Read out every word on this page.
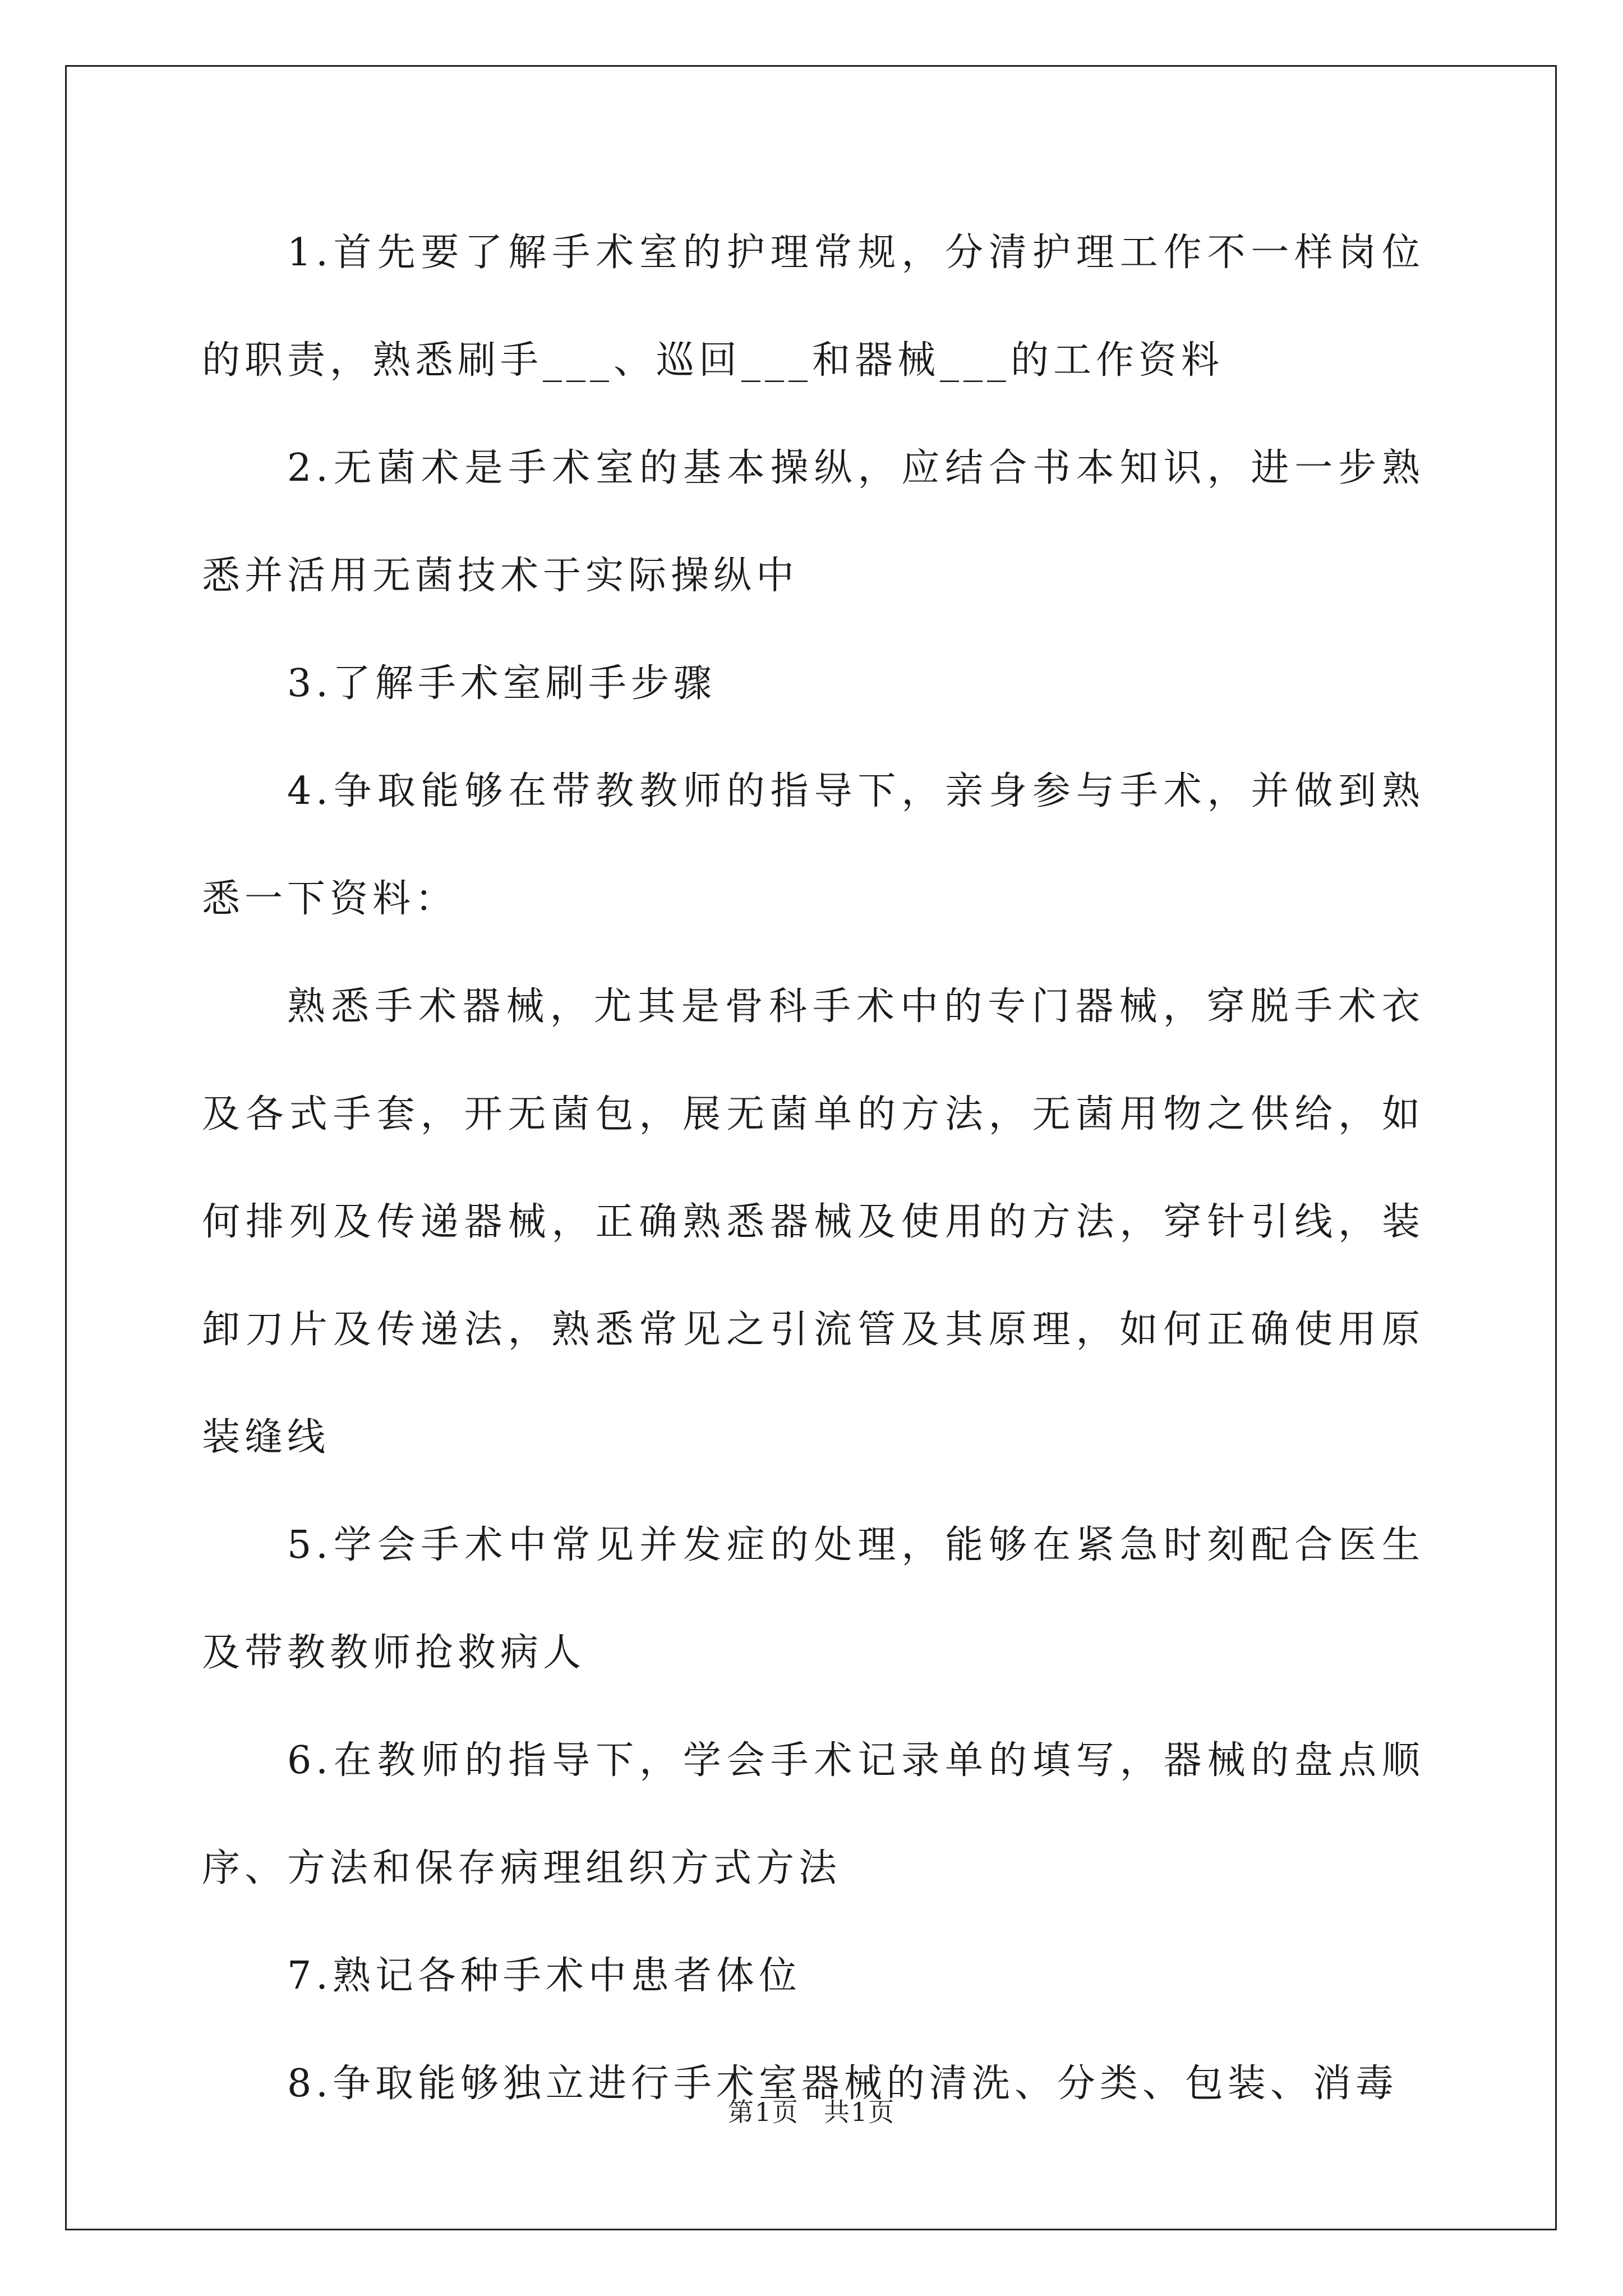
1.首先要了解手术室的护理常规，分清护理工作不一样岗位的职责，熟悉刷手___、巡回___和器械___的工作资料

2.无菌术是手术室的基本操纵，应结合书本知识，进一步熟悉并活用无菌技术于实际操纵中

3.了解手术室刷手步骤

4.争取能够在带教教师的指导下，亲身参与手术，并做到熟悉一下资料：

熟悉手术器械，尤其是骨科手术中的专门器械，穿脱手术衣及各式手套，开无菌包，展无菌单的方法，无菌用物之供给，如何排列及传递器械，正确熟悉器械及使用的方法，穿针引线，装卸刀片及传递法，熟悉常见之引流管及其原理，如何正确使用原装缝线

5.学会手术中常见并发症的处理，能够在紧急时刻配合医生及带教教师抢救病人

6.在教师的指导下，学会手术记录单的填写，器械的盘点顺序、方法和保存病理组织方式方法

7.熟记各种手术中患者体位

8.争取能够独立进行手术室器械的清洗、分类、包装、消毒

第1页 共1页
